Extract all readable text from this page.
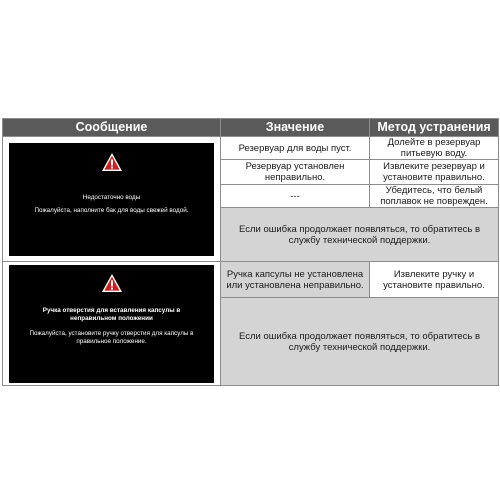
Сообщение	Значение	Метод устранения

Недостаточно воды
Пожалуйста, наполните бак для воды свежей водой.	Резервуар для воды пуст.	Долейте в резервуар питьевую воду.
	Резервуар установлен неправильно.	Извлеките резервуар и установите правильно.
	---	Убедитесь, что белый поплавок не поврежден.
	Если ошибка продолжает появляться, то обратитесь в службу технической поддержки.	

Ручка отверстия для вставления капсулы в неправильном положении
Пожалуйста, установите ручку отверстия для капсулы в правильное положение.	Ручка капсулы не установлена или установлена неправильно.	Извлеките ручку и установите правильно.
	Если ошибка продолжает появляться, то обратитесь в службу технической поддержки.	
